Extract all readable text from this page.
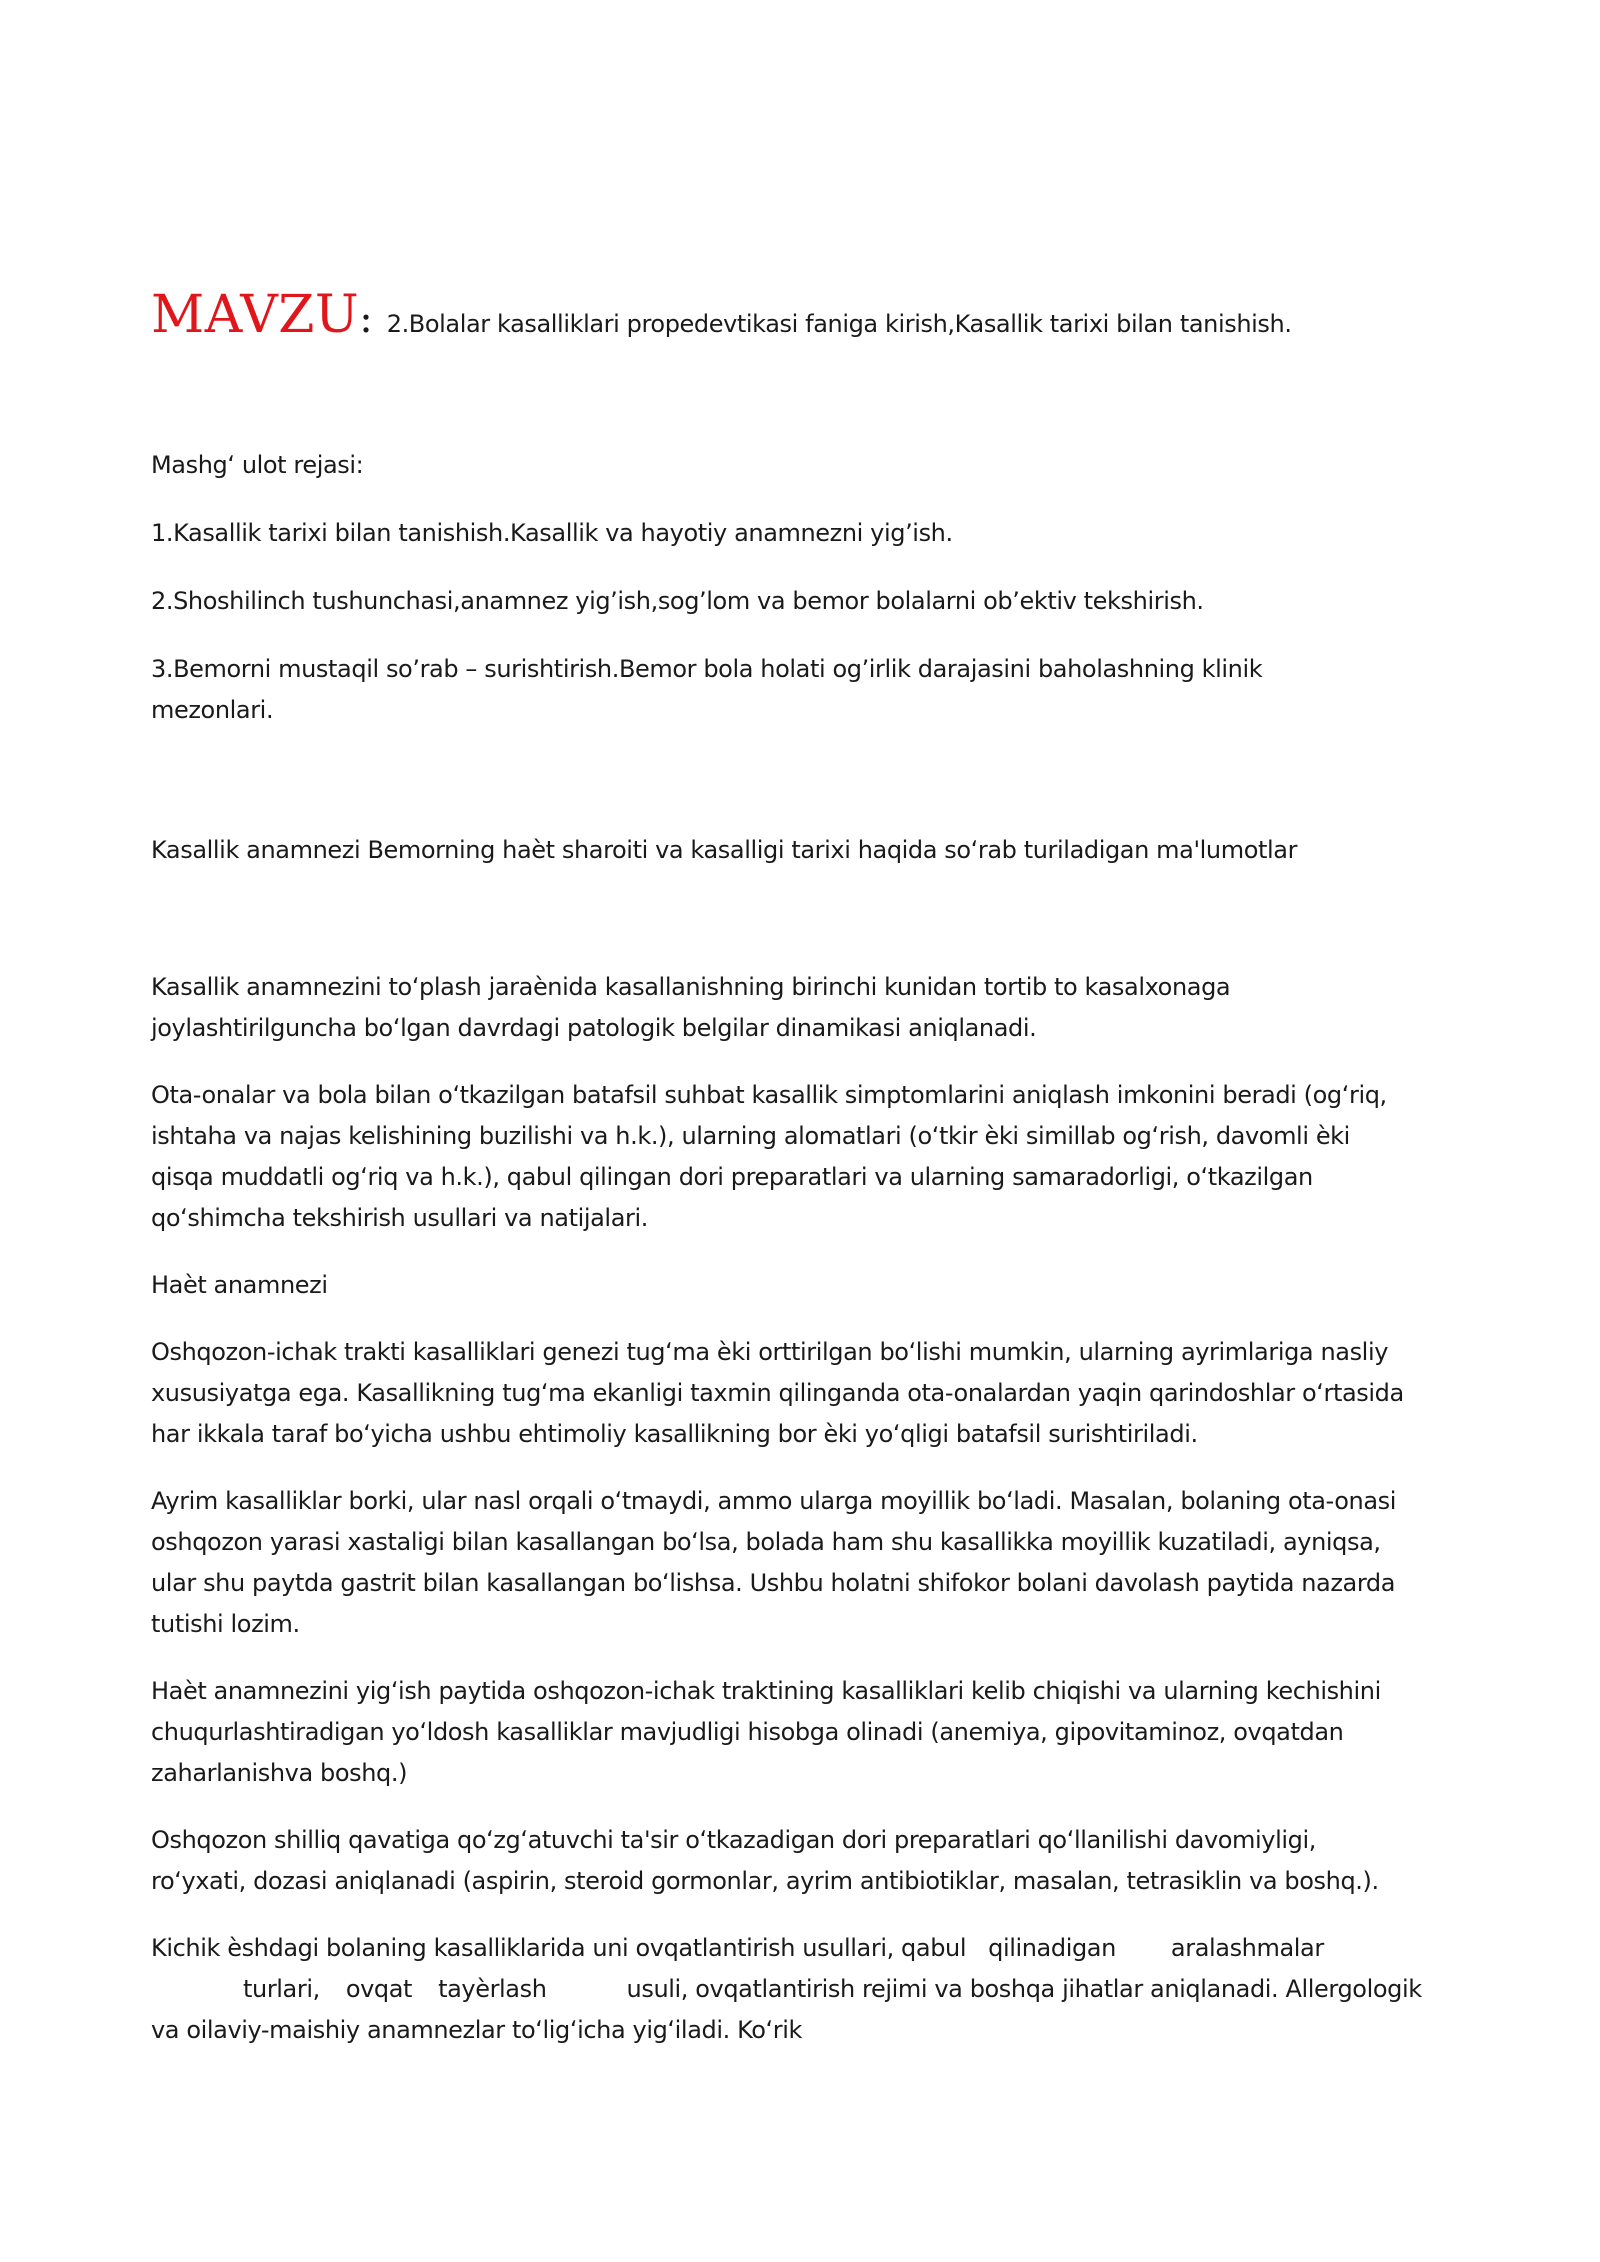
MAVZU : 2.Bolalar kasalliklari propedevtikasi faniga kirish,Kasallik tarixi bilan tanishish.

Mashgʻ ulot rejasi:

1.Kasallik tarixi bilan tanishish.Kasallik va hayotiy anamnezni yig’ish.

2.Shoshilinch tushunchasi,anamnez yig’ish,sog’lom va bemor bolalarni ob’ektiv tekshirish.

3.Bemorni mustaqil so’rab – surishtirish.Bemor bola holati og’irlik darajasini baholashning klinik

mezonlari.

Kasallik anamnezi Bemorning haѐt sharoiti va kasalligi tarixi haqida soʻrab turiladigan ma'lumotlar

Kasallik anamnezini toʻplash jaraѐnida kasallanishning birinchi kunidan tortib to kasalxonaga

joylashtirilguncha boʻlgan davrdagi patologik belgilar dinamikasi aniqlanadi.

Ota-onalar va bola bilan oʻtkazilgan batafsil suhbat kasallik simptomlarini aniqlash imkonini beradi (ogʻriq,

ishtaha va najas kelishining buzilishi va h.k.), ularning alomatlari (oʻtkir ѐki simillab ogʻrish, davomli ѐki

qisqa muddatli ogʻriq va h.k.), qabul qilingan dori preparatlari va ularning samaradorligi, oʻtkazilgan

qoʻshimcha tekshirish usullari va natijalari.

Haѐt anamnezi

Oshqozon-ichak trakti kasalliklari genezi tugʻma ѐki orttirilgan boʻlishi mumkin, ularning ayrimlariga nasliy

xususiyatga ega. Kasallikning tugʻma ekanligi taxmin qilinganda ota-onalardan yaqin qarindoshlar oʻrtasida

har ikkala taraf boʻyicha ushbu ehtimoliy kasallikning bor ѐki yoʻqligi batafsil surishtiriladi.

Ayrim kasalliklar borki, ular nasl orqali oʻtmaydi, ammo ularga moyillik boʻladi. Masalan, bolaning ota-onasi

oshqozon yarasi xastaligi bilan kasallangan boʻlsa, bolada ham shu kasallikka moyillik kuzatiladi, ayniqsa,

ular shu paytda gastrit bilan kasallangan boʻlishsa. Ushbu holatni shifokor bolani davolash paytida nazarda

tutishi lozim.

Haѐt anamnezini yigʻish paytida oshqozon-ichak traktining kasalliklari kelib chiqishi va ularning kechishini

chuqurlashtiradigan yoʻldosh kasalliklar mavjudligi hisobga olinadi (anemiya, gipovitaminoz, ovqatdan

zaharlanishva boshq.)

Oshqozon shilliq qavatiga qoʻzgʻatuvchi ta'sir oʻtkazadigan dori preparatlari qoʻllanilishi davomiyligi,

roʻyxati, dozasi aniqlanadi (aspirin, steroid gormonlar, ayrim antibiotiklar, masalan, tetrasiklin va boshq.).

Kichik ѐshdagi bolaning kasalliklarida uni ovqatlantirish usullari, qabul qilinadigan aralashmalar

turlari, ovqat tayѐrlash	usuli, ovqatlantirish rejimi va boshqa jihatlar aniqlanadi. Allergologik

va oilaviy-maishiy anamnezlar toʻligʻicha yigʻiladi. Koʻrik
